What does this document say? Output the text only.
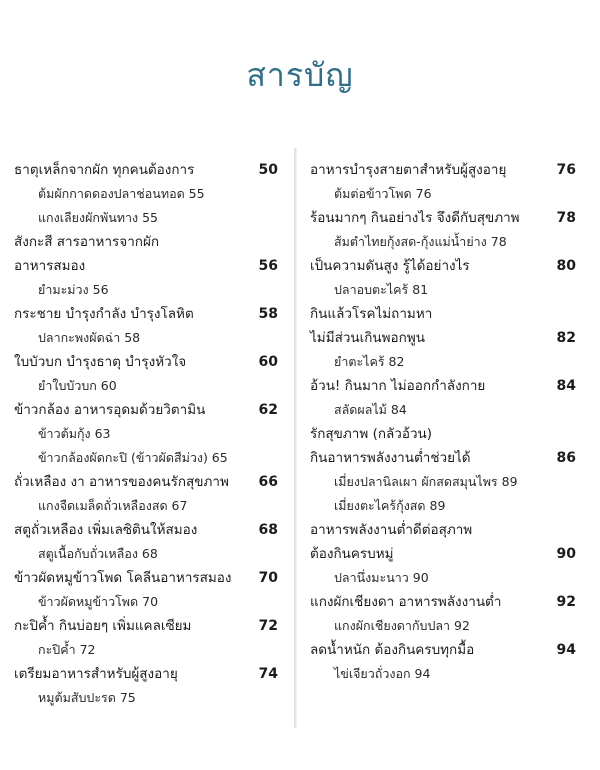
สารบัญ
ธาตุเหล็กจากผัก ทุกคนต้องการ	50
ต้มผักกาดดองปลาช่อนทอด 55
แกงเลียงผักพันทาง 55
สังกะสี สารอาหารจากผัก
อาหารสมอง	56
ยำมะม่วง 56
กระชาย บำรุงกำลัง บำรุงโลหิต	58
ปลากะพงผัดฉ่า 58
ใบบัวบก บำรุงธาตุ บำรุงหัวใจ	60
ยำใบบัวบก 60
ข้าวกล้อง อาหารอุดมด้วยวิตามิน	62
ข้าวต้มกุ้ง 63
ข้าวกล้องผัดกะปิ (ข้าวผัดสีม่วง) 65
ถั่วเหลือง งา อาหารของคนรักสุขภาพ 66
แกงจืดเมล็ดถั่วเหลืองสด 67
สตูถั่วเหลือง เพิ่มเลซิตินให้สมอง	68
สตูเนื้อกับถั่วเหลือง 68
ข้าวผัดหมูข้าวโพด โคลีนอาหารสมอง 70
ข้าวผัดหมูข้าวโพด 70
กะปิค้ำ กินบ่อยๆ เพิ่มแคลเซียม	72
กะปิค้ำ 72
เตรียมอาหารสำหรับผู้สูงอายุ	74
หมูต้มสับปะรด 75
อาหารบำรุงสายตาสำหรับผู้สูงอายุ	76
ต้มต่อข้าวโพด 76
ร้อนมากๆ กินอย่างไร จึงดีกับสุขภาพ	78
ส้มตำไทยกุ้งสด-กุ้งแม่น้ำย่าง 78
เป็นความดันสูง รู้ได้อย่างไร	80
ปลาอบตะไคร้ 81
กินแล้วโรคไม่ถามหา
ไม่มีส่วนเกินพอกพูน	82
ยำตะไคร้ 82
อ้วน! กินมาก ไม่ออกกำลังกาย	84
สลัดผลไม้ 84
รักสุขภาพ (กลัวอ้วน)
กินอาหารพลังงานต่ำช่วยได้	86
เมี่ยงปลานิลเผา ผักสดสมุนไพร 89
เมี่ยงตะไคร้กุ้งสด 89
อาหารพลังงานต่ำดีต่อสุภาพ
ต้องกินครบหมู่	90
ปลานึ่งมะนาว 90
แกงผักเชียงดา อาหารพลังงานต่ำ	92
แกงผักเชียงดากับปลา 92
ลดน้ำหนัก ต้องกินครบทุกมื้อ	94
ไข่เจียวถั่วงอก 94
